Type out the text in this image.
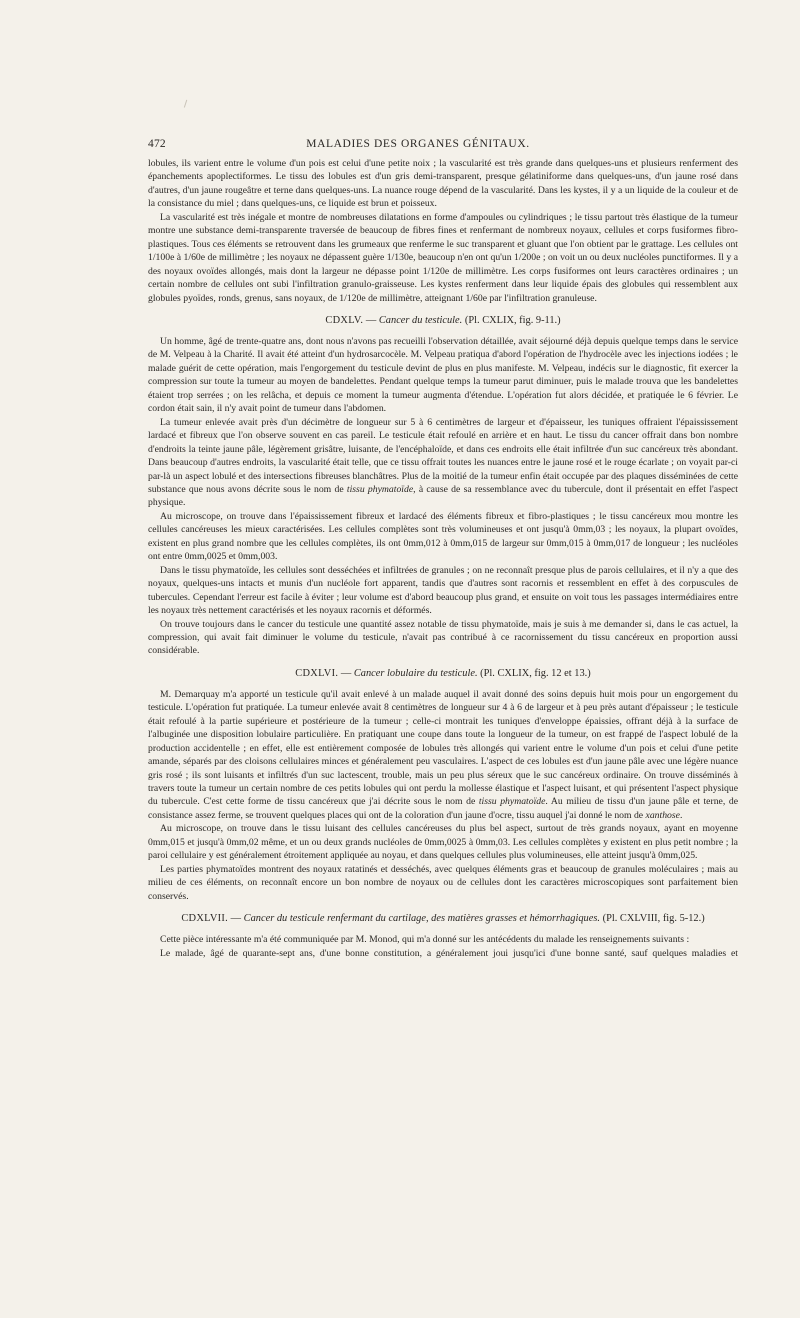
472	MALADIES DES ORGANES GÉNITAUX.

lobules, ils varient entre le volume d'un pois est celui d'une petite noix ; la vascularité est très grande dans quelques-uns et plusieurs renferment des épanchements apoplectiformes. Le tissu des lobules est d'un gris demi-transparent, presque gélatiniforme dans quelques-uns, d'un jaune rosé dans d'autres, d'un jaune rougeâtre et terne dans quelques-uns. La nuance rouge dépend de la vascularité. Dans les kystes, il y a un liquide de la couleur et de la consistance du miel ; dans quelques-uns, ce liquide est brun et poisseux.

La vascularité est très inégale et montre de nombreuses dilatations en forme d'ampoules ou cylindriques ; le tissu partout très élastique de la tumeur montre une substance demi-transparente traversée de beaucoup de fibres fines et renfermant de nombreux noyaux, cellules et corps fusiformes fibro-plastiques. Tous ces éléments se retrouvent dans les grumeaux que renferme le suc transparent et gluant que l'on obtient par le grattage. Les cellules ont 1/100e à 1/60e de millimètre ; les noyaux ne dépassent guère 1/130e, beaucoup n'en ont qu'un 1/200e ; on voit un ou deux nucléoles punctiformes. Il y a des noyaux ovoïdes allongés, mais dont la largeur ne dépasse point 1/120e de millimètre. Les corps fusiformes ont leurs caractères ordinaires ; un certain nombre de cellules ont subi l'infiltration granulo-graisseuse. Les kystes renferment dans leur liquide épais des globules qui ressemblent aux globules pyoïdes, ronds, grenus, sans noyaux, de 1/120e de millimètre, atteignant 1/60e par l'infiltration granuleuse.

CDXLV. — Cancer du testicule. (Pl. CXLIX, fig. 9-11.)

Un homme, âgé de trente-quatre ans, dont nous n'avons pas recueilli l'observation détaillée, avait séjourné déjà depuis quelque temps dans le service de M. Velpeau à la Charité. Il avait été atteint d'un hydrosarcocèle. M. Velpeau pratiqua d'abord l'opération de l'hydrocèle avec les injections iodées ; le malade guérit de cette opération, mais l'engorgement du testicule devint de plus en plus manifeste. M. Velpeau, indécis sur le diagnostic, fit exercer la compression sur toute la tumeur au moyen de bandelettes. Pendant quelque temps la tumeur parut diminuer, puis le malade trouva que les bandelettes étaient trop serrées ; on les relâcha, et depuis ce moment la tumeur augmenta d'étendue. L'opération fut alors décidée, et pratiquée le 6 février. Le cordon était sain, il n'y avait point de tumeur dans l'abdomen.

La tumeur enlevée avait près d'un décimètre de longueur sur 5 à 6 centimètres de largeur et d'épaisseur, les tuniques offraient l'épaississement lardacé et fibreux que l'on observe souvent en cas pareil. Le testicule était refoulé en arrière et en haut. Le tissu du cancer offrait dans bon nombre d'endroits la teinte jaune pâle, légèrement grisâtre, luisante, de l'encéphaloïde, et dans ces endroits elle était infiltrée d'un suc cancéreux très abondant. Dans beaucoup d'autres endroits, la vascularité était telle, que ce tissu offrait toutes les nuances entre le jaune rosé et le rouge écarlate ; on voyait par-ci par-là un aspect lobulé et des intersections fibreuses blanchâtres. Plus de la moitié de la tumeur enfin était occupée par des plaques disséminées de cette substance que nous avons décrite sous le nom de tissu phymatoïde, à cause de sa ressemblance avec du tubercule, dont il présentait en effet l'aspect physique.

Au microscope, on trouve dans l'épaississement fibreux et lardacé des éléments fibreux et fibro-plastiques ; le tissu cancéreux mou montre les cellules cancéreuses les mieux caractérisées. Les cellules complètes sont très volumineuses et ont jusqu'à 0mm,03 ; les noyaux, la plupart ovoïdes, existent en plus grand nombre que les cellules complètes, ils ont 0mm,012 à 0mm,015 de largeur sur 0mm,015 à 0mm,017 de longueur ; les nucléoles ont entre 0mm,0025 et 0mm,003.

Dans le tissu phymatoïde, les cellules sont desséchées et infiltrées de granules ; on ne reconnaît presque plus de parois cellulaires, et il n'y a que des noyaux, quelques-uns intacts et munis d'un nucléole fort apparent, tandis que d'autres sont racornis et ressemblent en effet à des corpuscules de tubercules. Cependant l'erreur est facile à éviter ; leur volume est d'abord beaucoup plus grand, et ensuite on voit tous les passages intermédiaires entre les noyaux très nettement caractérisés et les noyaux racornis et déformés.

On trouve toujours dans le cancer du testicule une quantité assez notable de tissu phymatoïde, mais je suis à me demander si, dans le cas actuel, la compression, qui avait fait diminuer le volume du testicule, n'avait pas contribué à ce racornissement du tissu cancéreux en proportion aussi considérable.

CDXLVI. — Cancer lobulaire du testicule. (Pl. CXLIX, fig. 12 et 13.)

M. Demarquay m'a apporté un testicule qu'il avait enlevé à un malade auquel il avait donné des soins depuis huit mois pour un engorgement du testicule. L'opération fut pratiquée. La tumeur enlevée avait 8 centimètres de longueur sur 4 à 6 de largeur et à peu près autant d'épaisseur ; le testicule était refoulé à la partie supérieure et postérieure de la tumeur ; celle-ci montrait les tuniques d'enveloppe épaissies, offrant déjà à la surface de l'albuginée une disposition lobulaire particulière. En pratiquant une coupe dans toute la longueur de la tumeur, on est frappé de l'aspect lobulé de la production accidentelle ; en effet, elle est entièrement composée de lobules très allongés qui varient entre le volume d'un pois et celui d'une petite amande, séparés par des cloisons cellulaires minces et généralement peu vasculaires. L'aspect de ces lobules est d'un jaune pâle avec une légère nuance gris rosé ; ils sont luisants et infiltrés d'un suc lactescent, trouble, mais un peu plus séreux que le suc cancéreux ordinaire. On trouve disséminés à travers toute la tumeur un certain nombre de ces petits lobules qui ont perdu la mollesse élastique et l'aspect luisant, et qui présentent l'aspect physique du tubercule. C'est cette forme de tissu cancéreux que j'ai décrite sous le nom de tissu phymatoïde. Au milieu de tissu d'un jaune pâle et terne, de consistance assez ferme, se trouvent quelques places qui ont de la coloration d'un jaune d'ocre, tissu auquel j'ai donné le nom de xanthose.

Au microscope, on trouve dans le tissu luisant des cellules cancéreuses du plus bel aspect, surtout de très grands noyaux, ayant en moyenne 0mm,015 et jusqu'à 0mm,02 même, et un ou deux grands nucléoles de 0mm,0025 à 0mm,03. Les cellules complètes y existent en plus petit nombre ; la paroi cellulaire y est généralement étroitement appliquée au noyau, et dans quelques cellules plus volumineuses, elle atteint jusqu'à 0mm,025.

Les parties phymatoïdes montrent des noyaux ratatinés et desséchés, avec quelques éléments gras et beaucoup de granules moléculaires ; mais au milieu de ces éléments, on reconnaît encore un bon nombre de noyaux ou de cellules dont les caractères microscopiques sont parfaitement bien conservés.

CDXLVII. — Cancer du testicule renfermant du cartilage, des matières grasses et hémorrhagiques. (Pl. CXLVIII, fig. 5-12.)

Cette pièce intéressante m'a été communiquée par M. Monod, qui m'a donné sur les antécédents du malade les renseignements suivants :

Le malade, âgé de quarante-sept ans, d'une bonne constitution, a généralement joui jusqu'ici d'une bonne santé, sauf quelques maladies et
